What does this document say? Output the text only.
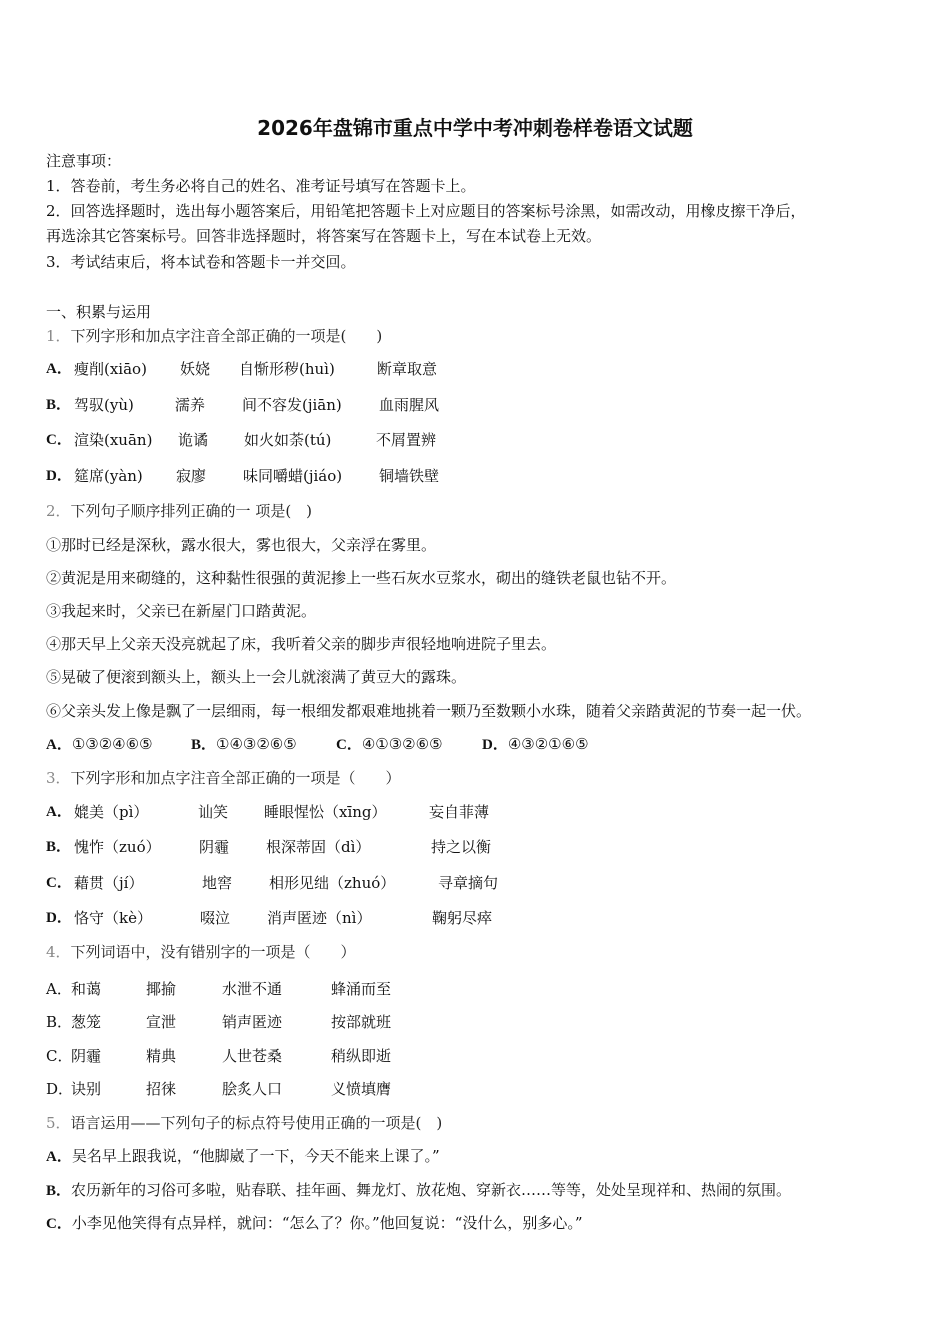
2026年盘锦市重点中学中考冲刺卷样卷语文试题
注意事项：
1．答卷前，考生务必将自己的姓名、准考证号填写在答题卡上。
2．回答选择题时，选出每小题答案后，用铅笔把答题卡上对应题目的答案标号涂黑，如需改动，用橡皮擦干净后，
再选涂其它答案标号。回答非选择题时，将答案写在答题卡上，写在本试卷上无效。
3．考试结束后，将本试卷和答题卡一并交回。
一、积累与运用
1．下列字形和加点字注音全部正确的一项是(　　)
A． 瘦削(xiāo) 妖娆 自惭形秽(huì)	断章取意
B． 驾驭(yù)	濡养 间不容发(jiān) 血雨腥风
C． 渲染(xuān) 诡谲 如火如荼(tú)	不屑置辨
D． 筵席(yàn) 寂廖 味同嚼蜡(jiáo) 铜墙铁壁
2．下列句子顺序排列正确的一 项是(　)
①那时已经是深秋，露水很大，雾也很大，父亲浮在雾里。
②黄泥是用来砌缝的，这种黏性很强的黄泥掺上一些石灰水豆浆水，砌出的缝铁老鼠也钻不开。
③我起来时，父亲已在新屋门口踏黄泥。
④那天早上父亲天没亮就起了床，我听着父亲的脚步声很轻地响进院子里去。
⑤晃破了便滚到额头上，额头上一会儿就滚满了黄豆大的露珠。
⑥父亲头发上像是飘了一层细雨，每一根细发都艰难地挑着一颗乃至数颗小水珠，随着父亲踏黄泥的节奏一起一伏。
A．①③②④⑥⑤	B．①④③②⑥⑤	C．④①③②⑥⑤	D．④③②①⑥⑤
3．下列字形和加点字注音全部正确的一项是（　　）
A． 媲美（pì）	讪笑 睡眼惺忪（xīng）	妄自菲薄
B． 愧怍（zuó）	阴霾 根深蒂固（dì）	持之以衡
C． 藉贯（jí）	地窖 相形见绌（zhuó）	寻章摘句
D． 恪守（kè）	啜泣 消声匿迹（nì）	鞠躬尽瘁
4．下列词语中，没有错别字的一项是（　　）
A． 和蔼	揶揄	水泄不通	蜂涌而至
B．
葱笼	宣泄	销声匿迹	按部就班
C．
阴霾	精典	人世苍桑	稍纵即逝
D．
诀别	招徕	脍炙人口	义愤填膺
5．语言运用——下列句子的标点符号使用正确的一项是(　)
A．吴名早上跟我说，“他脚崴了一下，今天不能来上课了。”
B．农历新年的习俗可多啦，贴春联、挂年画、舞龙灯、放花炮、穿新衣……等等，处处呈现祥和、热闹的氛围。
C．小李见他笑得有点异样，就问：“怎么了？你。”他回复说：“没什么，别多心。”
